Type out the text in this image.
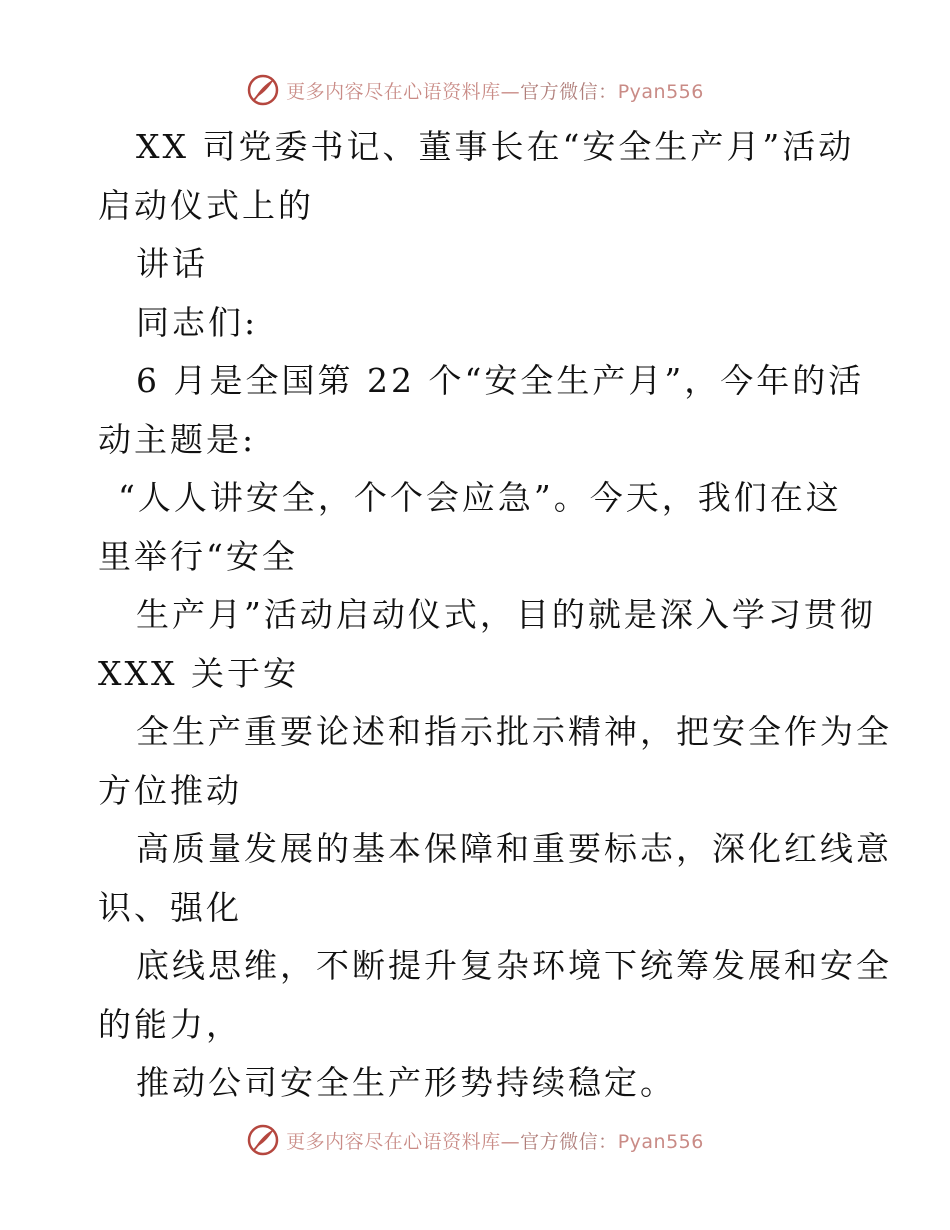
更多内容尽在心语资料库—官方微信：Pyan556
XX 司党委书记、董事长在“安全生产月”活动
启动仪式上的
讲话
同志们:
6 月是全国第 22 个“安全生产月”，今年的活
动主题是:
“人人讲安全，个个会应急”。今天，我们在这
里举行“安全
生产月”活动启动仪式，目的就是深入学习贯彻
XXX 关于安
全生产重要论述和指示批示精神，把安全作为全
方位推动
高质量发展的基本保障和重要标志，深化红线意
识、强化
底线思维，不断提升复杂环境下统筹发展和安全
的能力，
推动公司安全生产形势持续稳定。
更多内容尽在心语资料库—官方微信：Pyan556
